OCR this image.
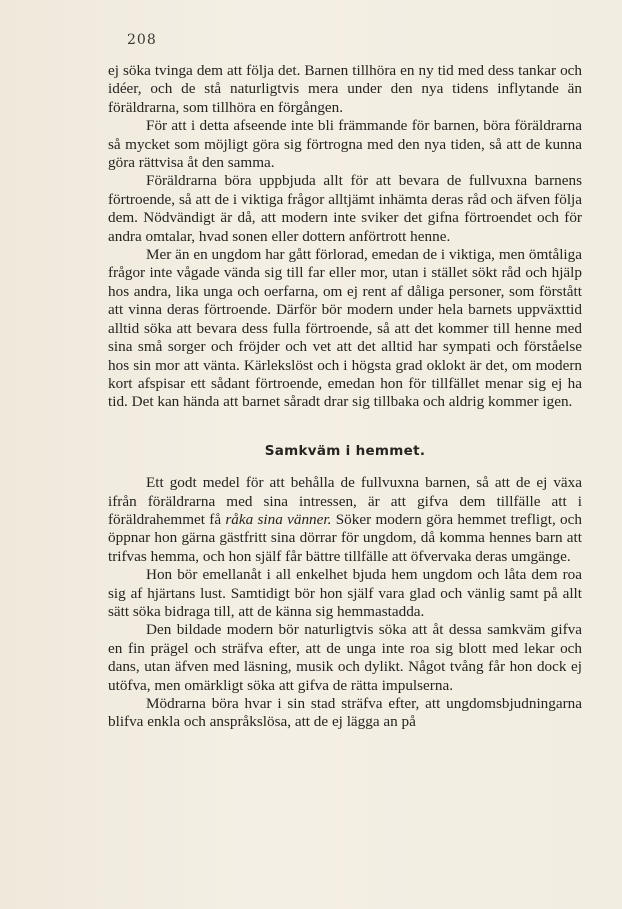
208

ej söka tvinga dem att följa det. Barnen tillhöra en ny tid med dess tankar och idéer, och de stå naturligtvis mera under den nya tidens inflytande än föräldrarna, som tillhöra en förgången.

För att i detta afseende inte bli främmande för barnen, böra föräldrarna så mycket som möjligt göra sig förtrogna med den nya tiden, så att de kunna göra rättvisa åt den samma.

Föräldrarna böra uppbjuda allt för att bevara de fullvuxna barnens förtroende, så att de i viktiga frågor alltjämt inhämta deras råd och äfven följa dem. Nödvändigt är då, att modern inte sviker det gifna förtroendet och för andra omtalar, hvad sonen eller dottern anförtrott henne.

Mer än en ungdom har gått förlorad, emedan de i viktiga, men ömtåliga frågor inte vågade vända sig till far eller mor, utan i stället sökt råd och hjälp hos andra, lika unga och oerfarna, om ej rent af dåliga personer, som förstått att vinna deras förtroende. Därför bör modern under hela barnets uppväxttid alltid söka att bevara dess fulla förtroende, så att det kommer till henne med sina små sorger och fröjder och vet att det alltid har sympati och förståelse hos sin mor att vänta. Kärlekslöst och i högsta grad oklokt är det, om modern kort afspisar ett sådant förtroende, emedan hon för tillfället menar sig ej ha tid. Det kan hända att barnet såradt drar sig tillbaka och aldrig kommer igen.

Samkväm i hemmet.

Ett godt medel för att behålla de fullvuxna barnen, så att de ej växa ifrån föräldrarna med sina intressen, är att gifva dem tillfälle att i föräldrahemmet få råka sina vänner. Söker modern göra hemmet trefligt, och öppnar hon gärna gästfritt sina dörrar för ungdom, då komma hennes barn att trifvas hemma, och hon själf får bättre tillfälle att öfvervaka deras umgänge.

Hon bör emellanåt i all enkelhet bjuda hem ungdom och låta dem roa sig af hjärtans lust. Samtidigt bör hon själf vara glad och vänlig samt på allt sätt söka bidraga till, att de känna sig hemmastadda.

Den bildade modern bör naturligtvis söka att åt dessa samkväm gifva en fin prägel och sträfva efter, att de unga inte roa sig blott med lekar och dans, utan äfven med läsning, musik och dylikt. Något tvång får hon dock ej utöfva, men omärkligt söka att gifva de rätta impulserna.

Mödrarna böra hvar i sin stad sträfva efter, att ungdomsbjudningarna blifva enkla och anspråkslösa, att de ej lägga an på
